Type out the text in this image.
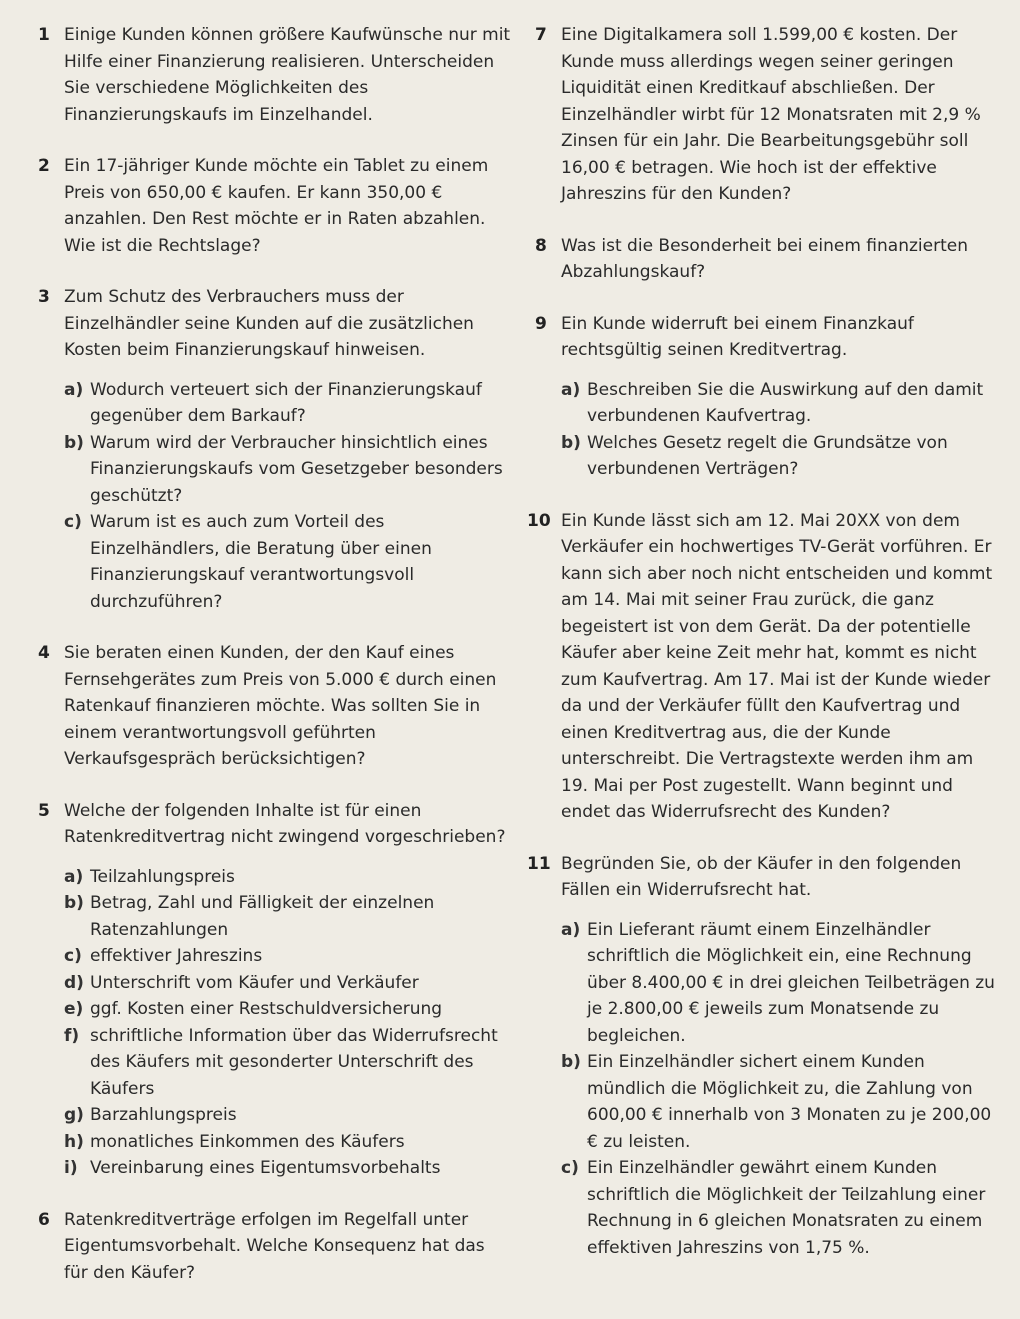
1 Einige Kunden können größere Kaufwünsche nur mit Hilfe einer Finanzierung realisieren. Unterscheiden Sie verschiedene Möglichkeiten des Finanzierungskaufs im Einzelhandel.
2 Ein 17-jähriger Kunde möchte ein Tablet zu einem Preis von 650,00 € kaufen. Er kann 350,00 € anzahlen. Den Rest möchte er in Raten abzahlen. Wie ist die Rechtslage?
3 Zum Schutz des Verbrauchers muss der Einzelhändler seine Kunden auf die zusätzlichen Kosten beim Finanzierungskauf hinweisen.
a) Wodurch verteuert sich der Finanzierungskauf gegenüber dem Barkauf?
b) Warum wird der Verbraucher hinsichtlich eines Finanzierungskaufs vom Gesetzgeber besonders geschützt?
c) Warum ist es auch zum Vorteil des Einzelhändlers, die Beratung über einen Finanzierungskauf verantwortungsvoll durchzuführen?
4 Sie beraten einen Kunden, der den Kauf eines Fernsehgerätes zum Preis von 5.000 € durch einen Ratenkauf finanzieren möchte. Was sollten Sie in einem verantwortungsvoll geführten Verkaufsgespräch berücksichtigen?
5 Welche der folgenden Inhalte ist für einen Ratenkreditvertrag nicht zwingend vorgeschrieben?
a) Teilzahlungspreis
b) Betrag, Zahl und Fälligkeit der einzelnen Ratenzahlungen
c) effektiver Jahreszins
d) Unterschrift vom Käufer und Verkäufer
e) ggf. Kosten einer Restschuldversicherung
f) schriftliche Information über das Widerrufsrecht des Käufers mit gesonderter Unterschrift des Käufers
g) Barzahlungspreis
h) monatliches Einkommen des Käufers
i) Vereinbarung eines Eigentumsvorbehalts
6 Ratenkreditverträge erfolgen im Regelfall unter Eigentumsvorbehalt. Welche Konsequenz hat das für den Käufer?
7 Eine Digitalkamera soll 1.599,00 € kosten. Der Kunde muss allerdings wegen seiner geringen Liquidität einen Kreditkauf abschließen. Der Einzelhändler wirbt für 12 Monatsraten mit 2,9 % Zinsen für ein Jahr. Die Bearbeitungsgebühr soll 16,00 € betragen. Wie hoch ist der effektive Jahreszins für den Kunden?
8 Was ist die Besonderheit bei einem finanzierten Abzahlungskauf?
9 Ein Kunde widerruft bei einem Finanzkauf rechtsgültig seinen Kreditvertrag.
a) Beschreiben Sie die Auswirkung auf den damit verbundenen Kaufvertrag.
b) Welches Gesetz regelt die Grundsätze von verbundenen Verträgen?
10 Ein Kunde lässt sich am 12. Mai 20XX von dem Verkäufer ein hochwertiges TV-Gerät vorführen. Er kann sich aber noch nicht entscheiden und kommt am 14. Mai mit seiner Frau zurück, die ganz begeistert ist von dem Gerät. Da der potentielle Käufer aber keine Zeit mehr hat, kommt es nicht zum Kaufvertrag. Am 17. Mai ist der Kunde wieder da und der Verkäufer füllt den Kaufvertrag und einen Kreditvertrag aus, die der Kunde unterschreibt. Die Vertragstexte werden ihm am 19. Mai per Post zugestellt. Wann beginnt und endet das Widerrufsrecht des Kunden?
11 Begründen Sie, ob der Käufer in den folgenden Fällen ein Widerrufsrecht hat.
a) Ein Lieferant räumt einem Einzelhändler schriftlich die Möglichkeit ein, eine Rechnung über 8.400,00 € in drei gleichen Teilbeträgen zu je 2.800,00 € jeweils zum Monatsende zu begleichen.
b) Ein Einzelhändler sichert einem Kunden mündlich die Möglichkeit zu, die Zahlung von 600,00 € innerhalb von 3 Monaten zu je 200,00 € zu leisten.
c) Ein Einzelhändler gewährt einem Kunden schriftlich die Möglichkeit der Teilzahlung einer Rechnung in 6 gleichen Monatsraten zu einem effektiven Jahreszins von 1,75 %.
